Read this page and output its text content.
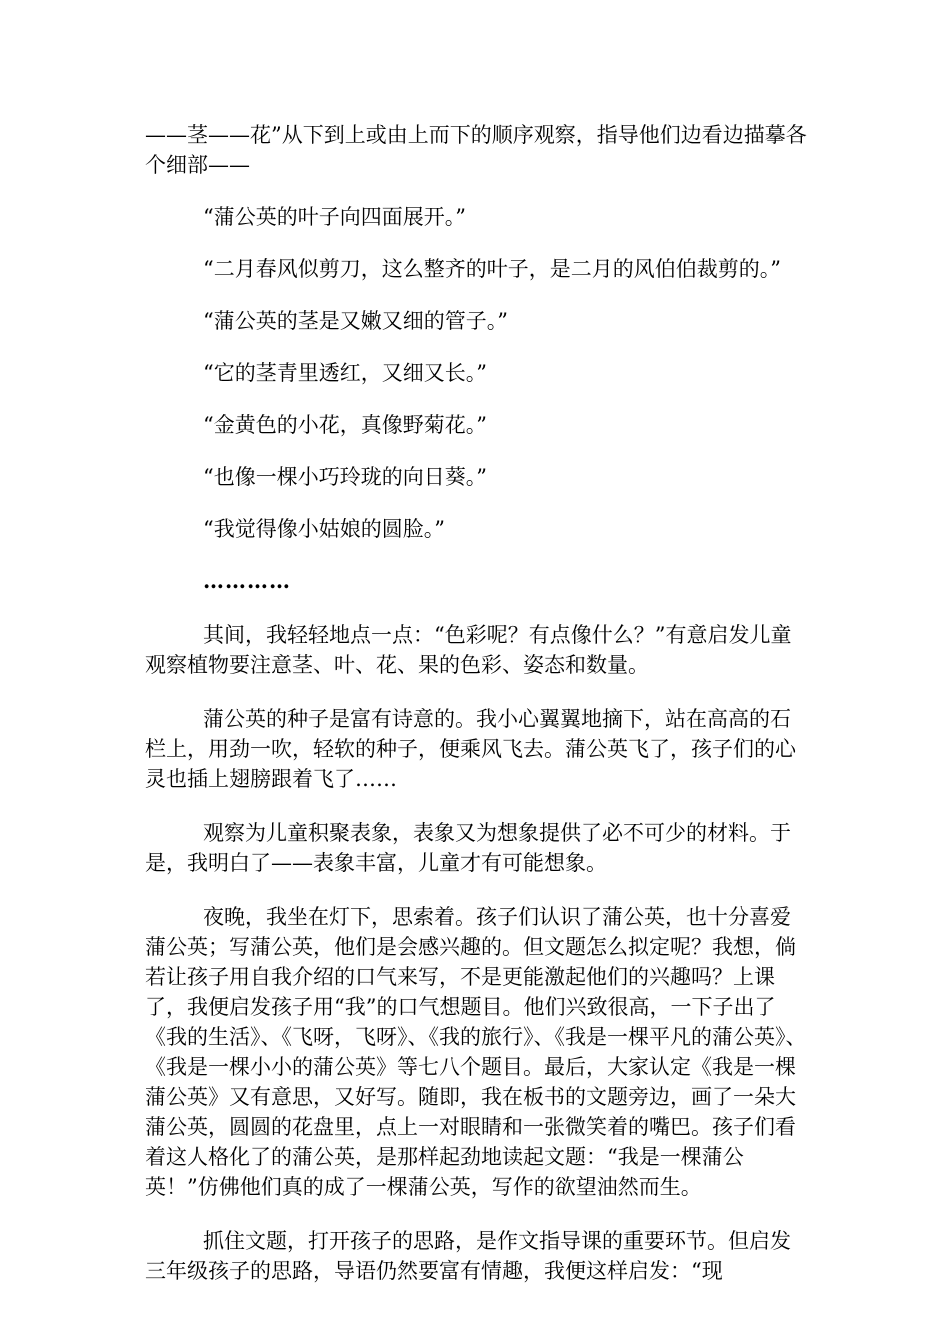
——茎——花”从下到上或由上而下的顺序观察，指导他们边看边描摹各个细部——

“蒲公英的叶子向四面展开。”

“二月春风似剪刀，这么整齐的叶子，是二月的风伯伯裁剪的。”

“蒲公英的茎是又嫩又细的管子。”

“它的茎青里透红，又细又长。”

“金黄色的小花，真像野菊花。”

“也像一棵小巧玲珑的向日葵。”

“我觉得像小姑娘的圆脸。”

…………

其间，我轻轻地点一点：“色彩呢？有点像什么？”有意启发儿童观察植物要注意茎、叶、花、果的色彩、姿态和数量。

蒲公英的种子是富有诗意的。我小心翼翼地摘下，站在高高的石栏上，用劲一吹，轻软的种子，便乘风飞去。蒲公英飞了，孩子们的心灵也插上翅膀跟着飞了……

观察为儿童积聚表象，表象又为想象提供了必不可少的材料。于是，我明白了——表象丰富，儿童才有可能想象。

夜晚，我坐在灯下，思索着。孩子们认识了蒲公英，也十分喜爱蒲公英；写蒲公英，他们是会感兴趣的。但文题怎么拟定呢？我想，倘若让孩子用自我介绍的口气来写，不是更能激起他们的兴趣吗？上课了，我便启发孩子用“我”的口气想题目。他们兴致很高，一下子出了《我的生活》、《飞呀，飞呀》、《我的旅行》、《我是一棵平凡的蒲公英》、《我是一棵小小的蒲公英》等七八个题目。最后，大家认定《我是一棵蒲公英》又有意思，又好写。随即，我在板书的文题旁边，画了一朵大蒲公英，圆圆的花盘里，点上一对眼睛和一张微笑着的嘴巴。孩子们看着这人格化了的蒲公英，是那样起劲地读起文题：“我是一棵蒲公英！”仿佛他们真的成了一棵蒲公英，写作的欲望油然而生。

抓住文题，打开孩子的思路，是作文指导课的重要环节。但启发三年级孩子的思路，导语仍然要富有情趣，我便这样启发：“现
